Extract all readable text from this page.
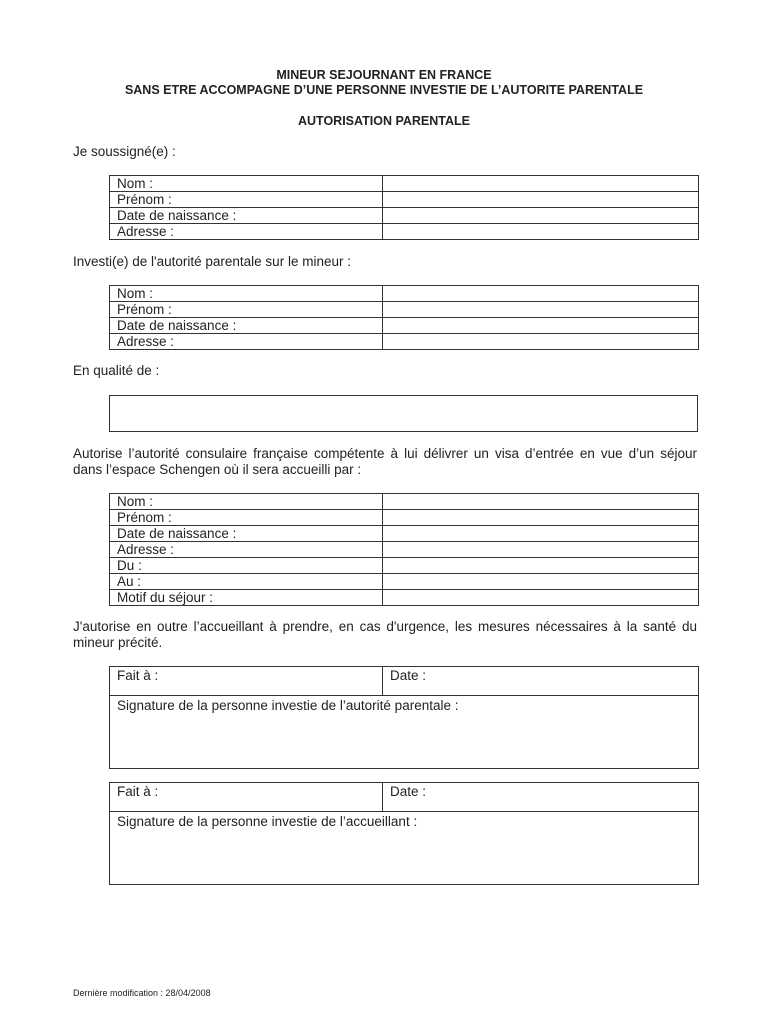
MINEUR SEJOURNANT EN FRANCE
SANS ETRE ACCOMPAGNE D’UNE PERSONNE INVESTIE DE L’AUTORITE PARENTALE
AUTORISATION PARENTALE
Je soussigné(e) :
Nom :	
Prénom :	
Date de naissance :	
Adresse :	
Investi(e) de l'autorité parentale sur le mineur :
Nom :	
Prénom :	
Date de naissance :	
Adresse :	
En qualité de :
Autorise l’autorité consulaire française compétente à lui délivrer un visa d’entrée en vue d’un séjour dans l’espace Schengen où il sera accueilli par :
Nom :	
Prénom :	
Date de naissance :	
Adresse :	
Du :	
Au :	
Motif du séjour :	
J'autorise en outre l’accueillant à prendre, en cas d'urgence, les mesures nécessaires à la santé du mineur précité.
Fait à :	Date :
Signature de la personne investie de l’autorité parentale :
Fait à :	Date :
Signature de la personne investie de l’accueillant :
Dernière modification : 28/04/2008
